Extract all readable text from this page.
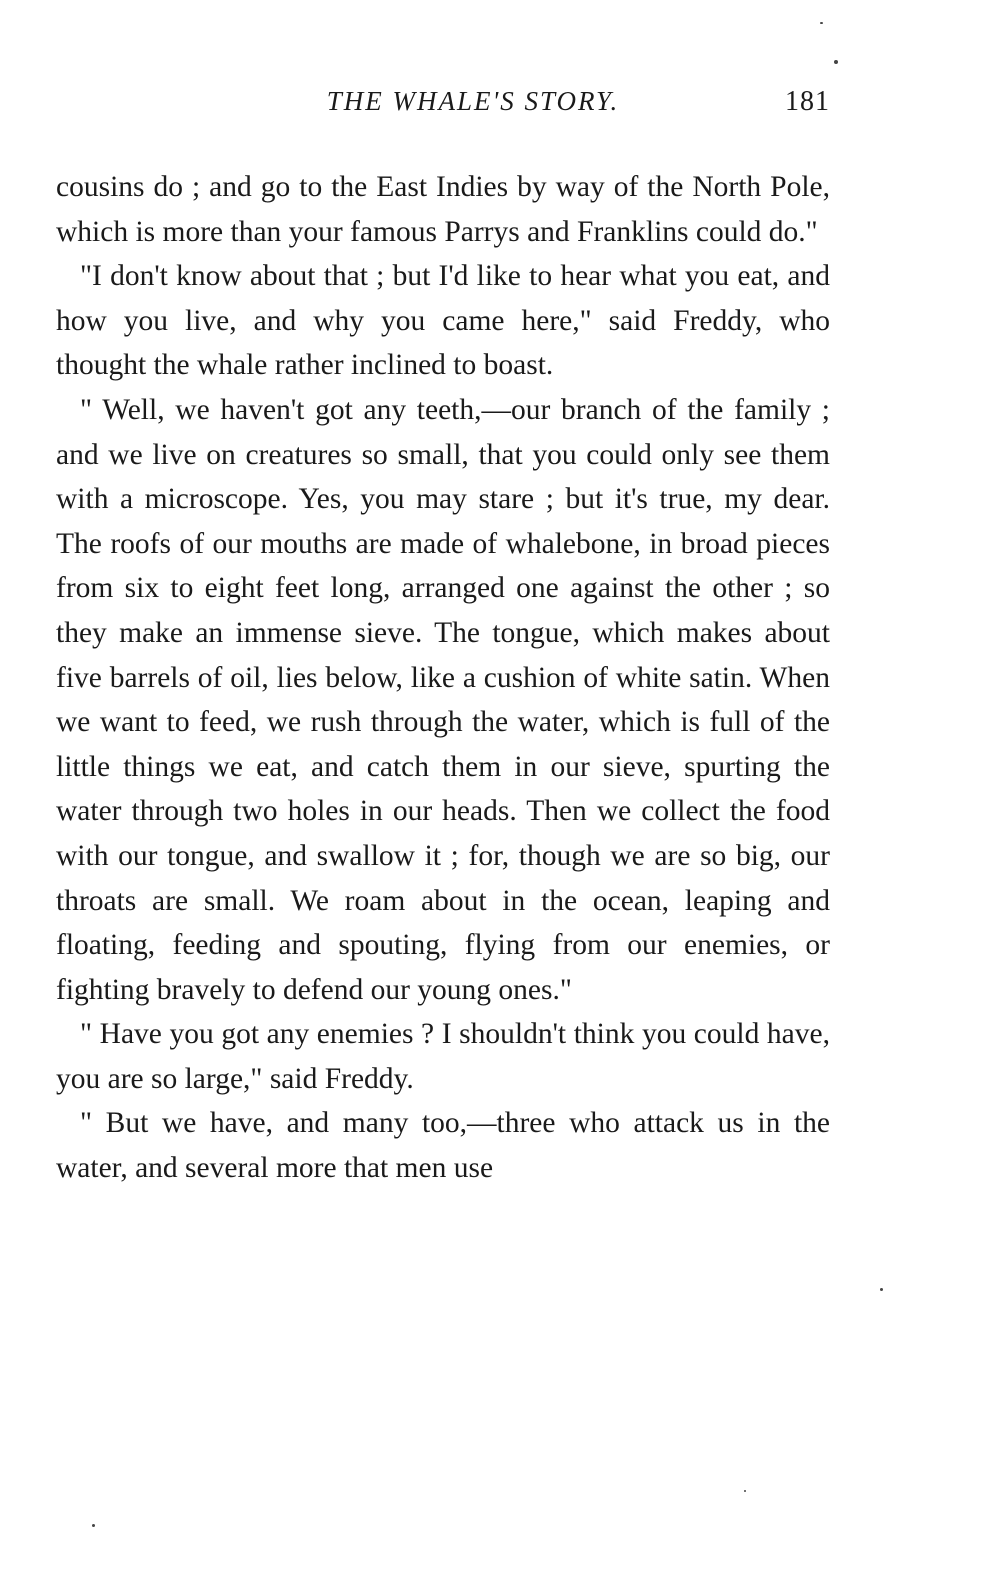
THE WHALE'S STORY.	181

cousins do ; and go to the East Indies by way of the North Pole, which is more than your famous Parrys and Franklins could do."

"I don't know about that ; but I'd like to hear what you eat, and how you live, and why you came here," said Freddy, who thought the whale rather inclined to boast.

" Well, we haven't got any teeth,—our branch of the family ; and we live on creatures so small, that you could only see them with a microscope. Yes, you may stare ; but it's true, my dear. The roofs of our mouths are made of whalebone, in broad pieces from six to eight feet long, arranged one against the other ; so they make an immense sieve. The tongue, which makes about five barrels of oil, lies below, like a cushion of white satin. When we want to feed, we rush through the water, which is full of the little things we eat, and catch them in our sieve, spurting the water through two holes in our heads. Then we collect the food with our tongue, and swallow it ; for, though we are so big, our throats are small. We roam about in the ocean, leaping and floating, feeding and spouting, flying from our enemies, or fighting bravely to defend our young ones."

" Have you got any enemies ? I shouldn't think you could have, you are so large," said Freddy.

" But we have, and many too,—three who attack us in the water, and several more that men use
